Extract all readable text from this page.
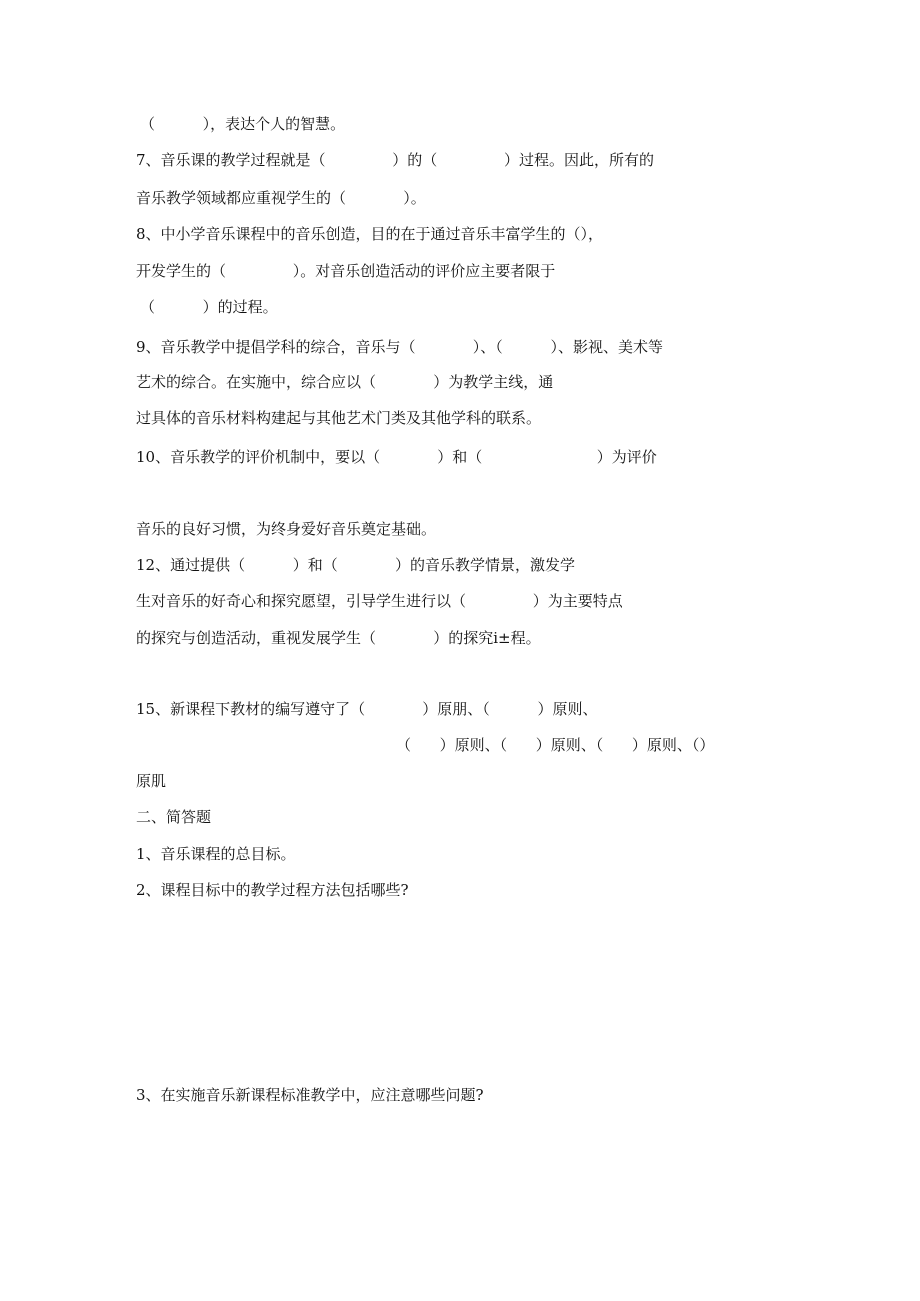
（          ），表达个人的智慧。
7、音乐课的教学过程就是（              ）的（              ）过程。因此，所有的
音乐教学领域都应重视学生的（            ）。
8、中小学音乐课程中的音乐创造，目的在于通过音乐丰富学生的（），
开发学生的（              ）。对音乐创造活动的评价应主要者限于
（          ）的过程。
9、音乐教学中提倡学科的综合，音乐与（            ）、（          ）、影视、美术等
艺术的综合。在实施中，综合应以（            ）为教学主线，通
过具体的音乐材料构建起与其他艺术门类及其他学科的联系。
10、音乐教学的评价机制中，要以（            ）和（                        ）为评价
音乐的良好习惯，为终身爱好音乐奠定基础。
12、通过提供（          ）和（            ）的音乐教学情景，激发学
生对音乐的好奇心和探究愿望，引导学生进行以（              ）为主要特点
的探究与创造活动，重视发展学生（            ）的探究i±程。
15、新课程下教材的编写遵守了（            ）原朋、（          ）原则、
（      ）原则、（      ）原则、（      ）原则、（）
原肌
二、简答题
1、音乐课程的总目标。
2、课程目标中的教学过程方法包括哪些?
3、在实施音乐新课程标准教学中，应注意哪些问题?
